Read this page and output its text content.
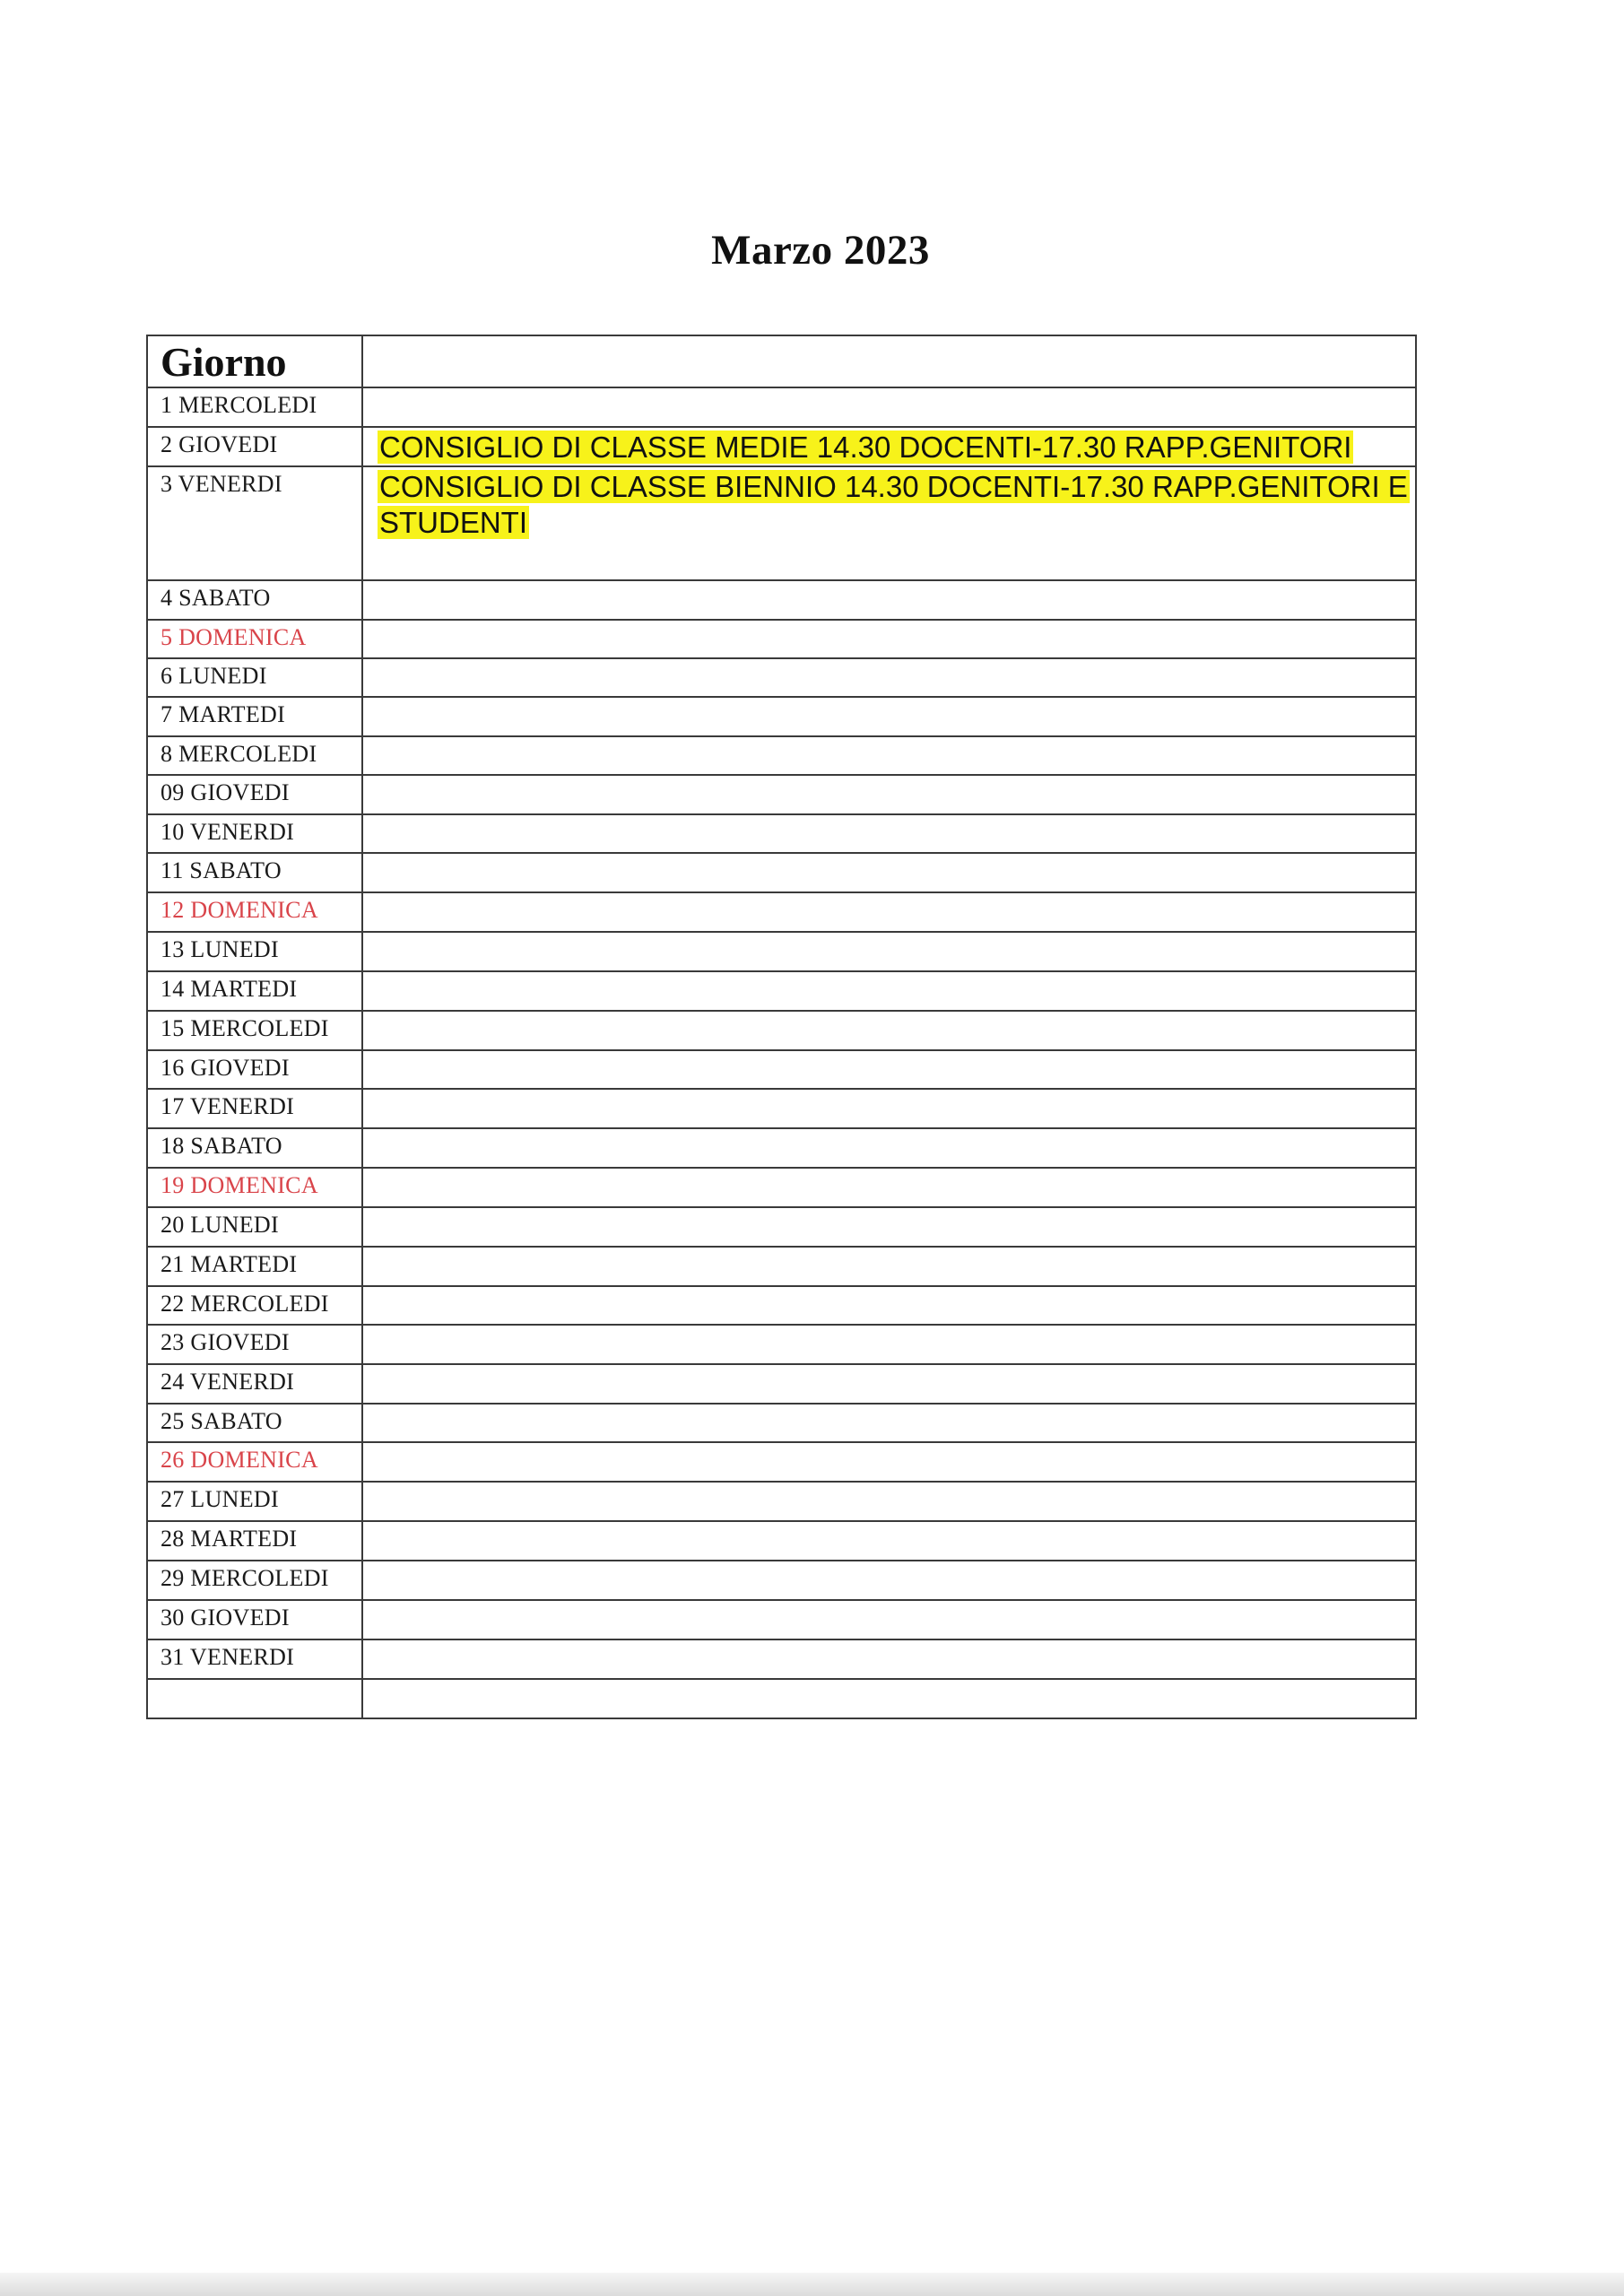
Marzo 2023
Giorno	
1 MERCOLEDI	
2 GIOVEDI	CONSIGLIO DI CLASSE MEDIE 14.30 DOCENTI-17.30 RAPP.GENITORI
3 VENERDI	CONSIGLIO DI CLASSE BIENNIO 14.30 DOCENTI-17.30 RAPP.GENITORI E STUDENTI
4 SABATO	
5 DOMENICA	
6 LUNEDI	
7 MARTEDI	
8 MERCOLEDI	
09 GIOVEDI	
10 VENERDI	
11 SABATO	
12 DOMENICA	
13 LUNEDI	
14 MARTEDI	
15 MERCOLEDI	
16 GIOVEDI	
17 VENERDI	
18 SABATO	
19 DOMENICA	
20 LUNEDI	
21 MARTEDI	
22 MERCOLEDI	
23 GIOVEDI	
24 VENERDI	
25 SABATO	
26 DOMENICA	
27 LUNEDI	
28 MARTEDI	
29 MERCOLEDI	
30 GIOVEDI	
31 VENERDI	
